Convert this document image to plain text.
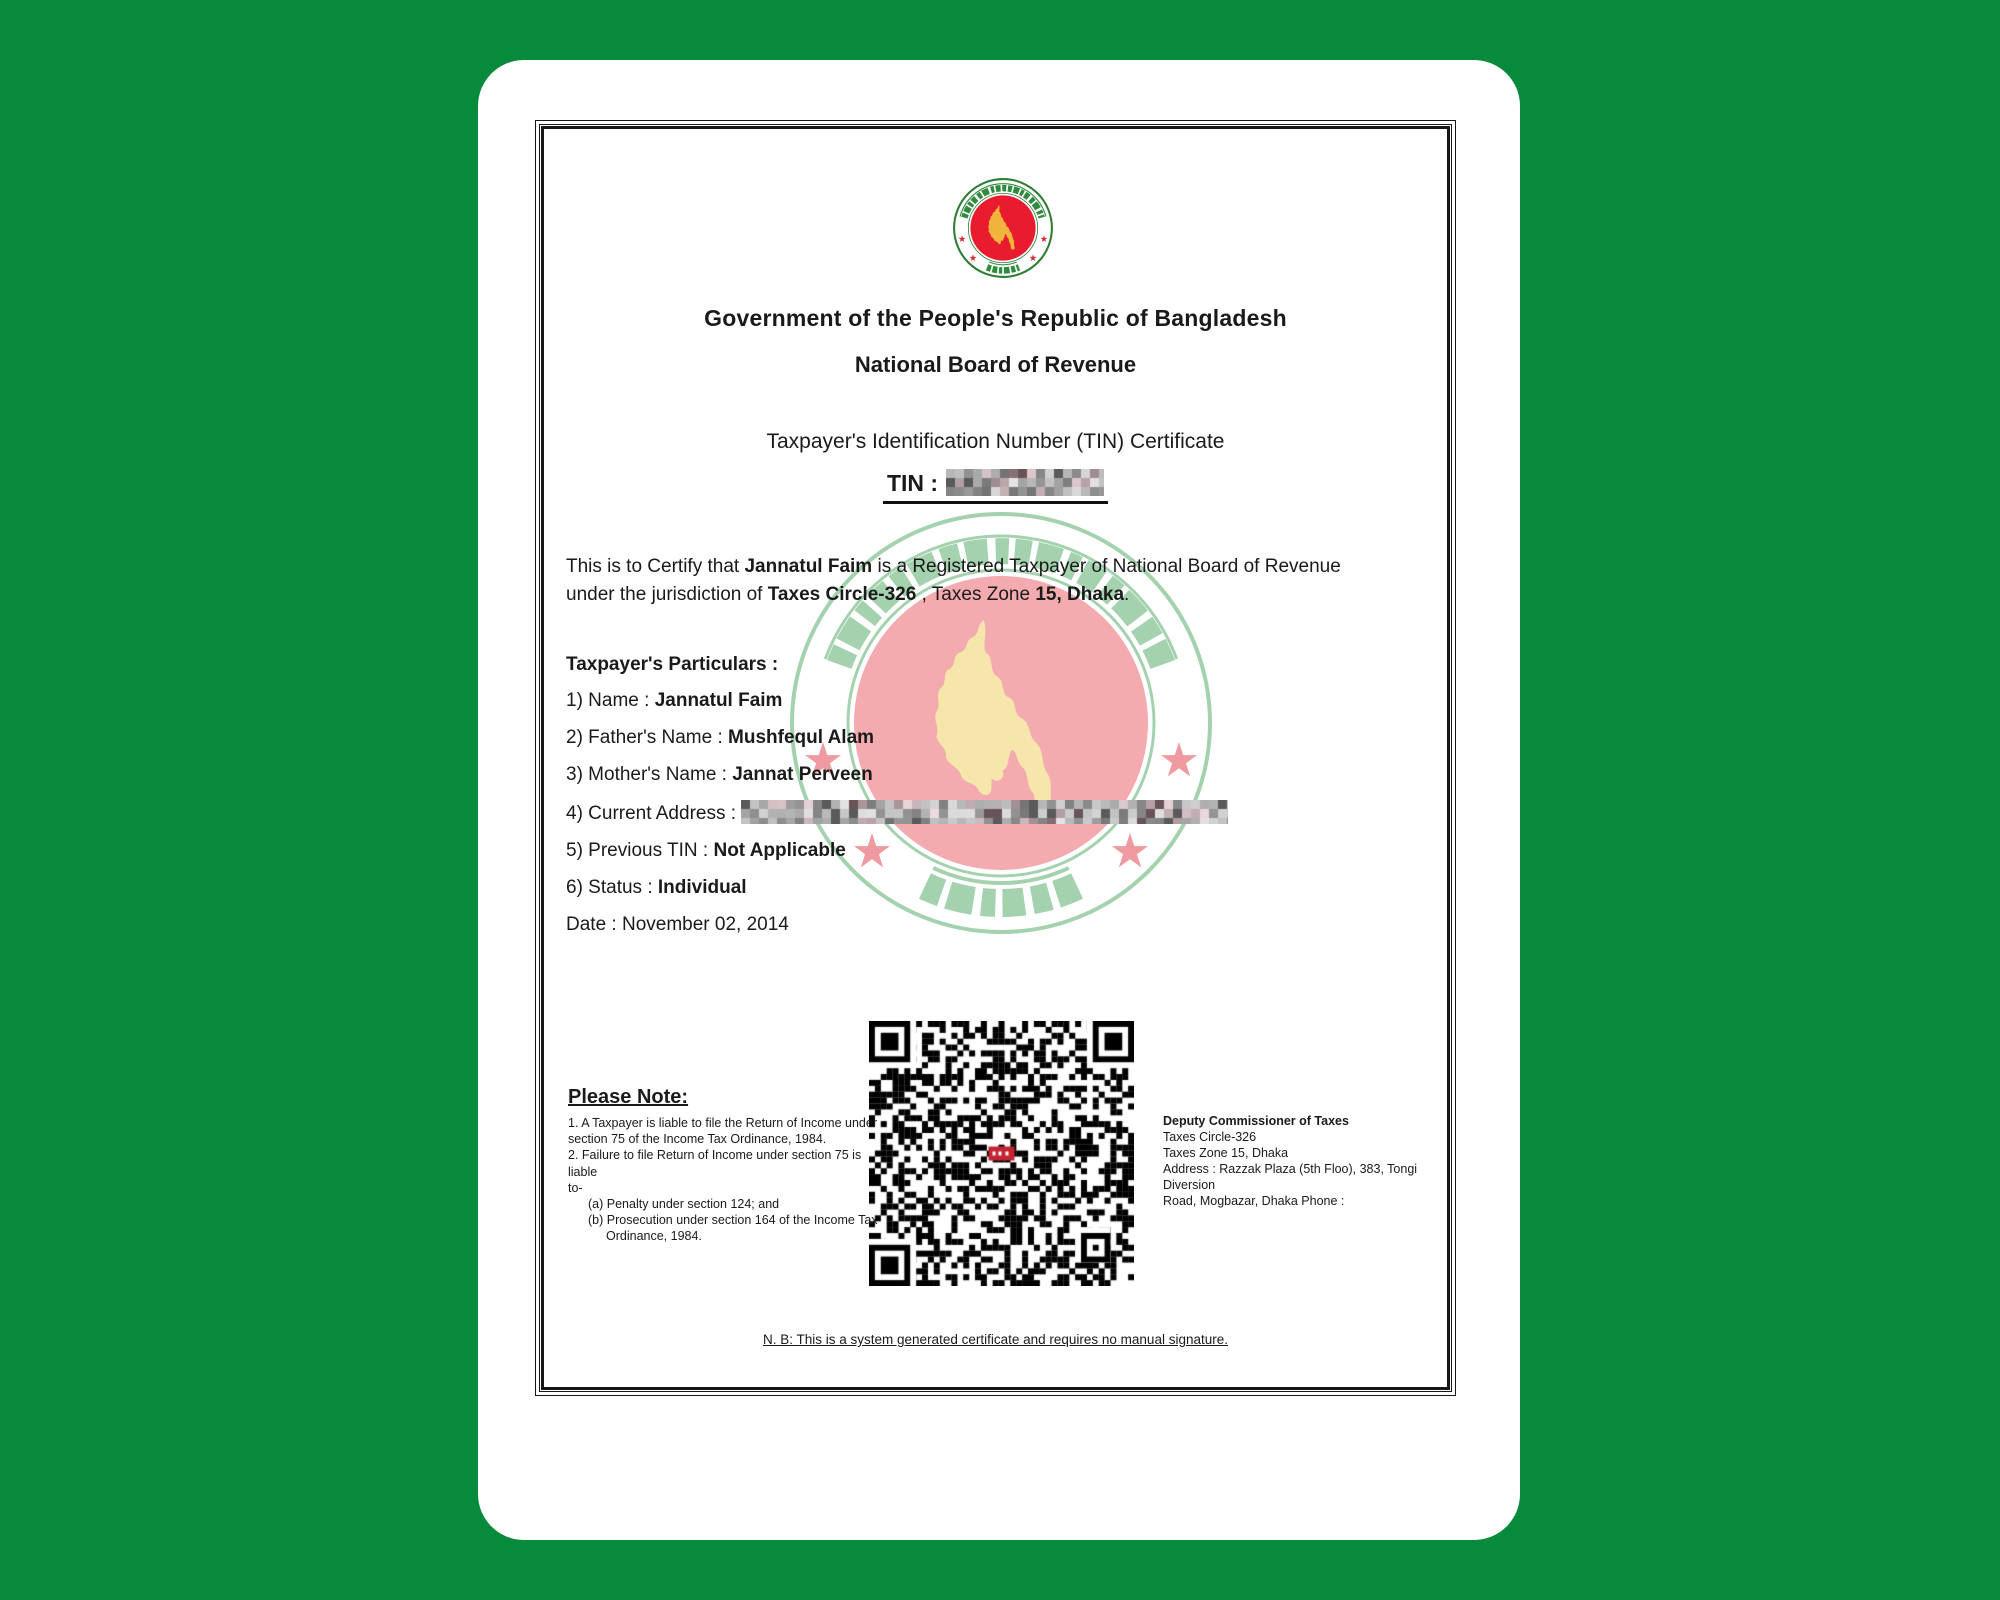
Government of the People's Republic of Bangladesh
National Board of Revenue
Taxpayer's Identification Number (TIN) Certificate
TIN :
This is to Certify that Jannatul Faim is a Registered Taxpayer of National Board of Revenue under the jurisdiction of Taxes Circle-326 , Taxes Zone 15, Dhaka.
Taxpayer's Particulars :
1) Name : Jannatul Faim
2) Father's Name : Mushfequl Alam
3) Mother's Name : Jannat Perveen
4) Current Address :
5) Previous TIN : Not Applicable
6) Status : Individual
Date : November 02, 2014
Please Note:
1. A Taxpayer is liable to file the Return of Income under
section 75 of the Income Tax Ordinance, 1984.
2. Failure to file Return of Income under section 75 is liable
to-
(a) Penalty under section 124; and
(b) Prosecution under section 164 of the Income Tax
Ordinance, 1984.
Deputy Commissioner of Taxes
Taxes Circle-326
Taxes Zone 15, Dhaka
Address : Razzak Plaza (5th Floo), 383, Tongi Diversion
Road, Mogbazar, Dhaka Phone :
N. B: This is a system generated certificate and requires no manual signature.
